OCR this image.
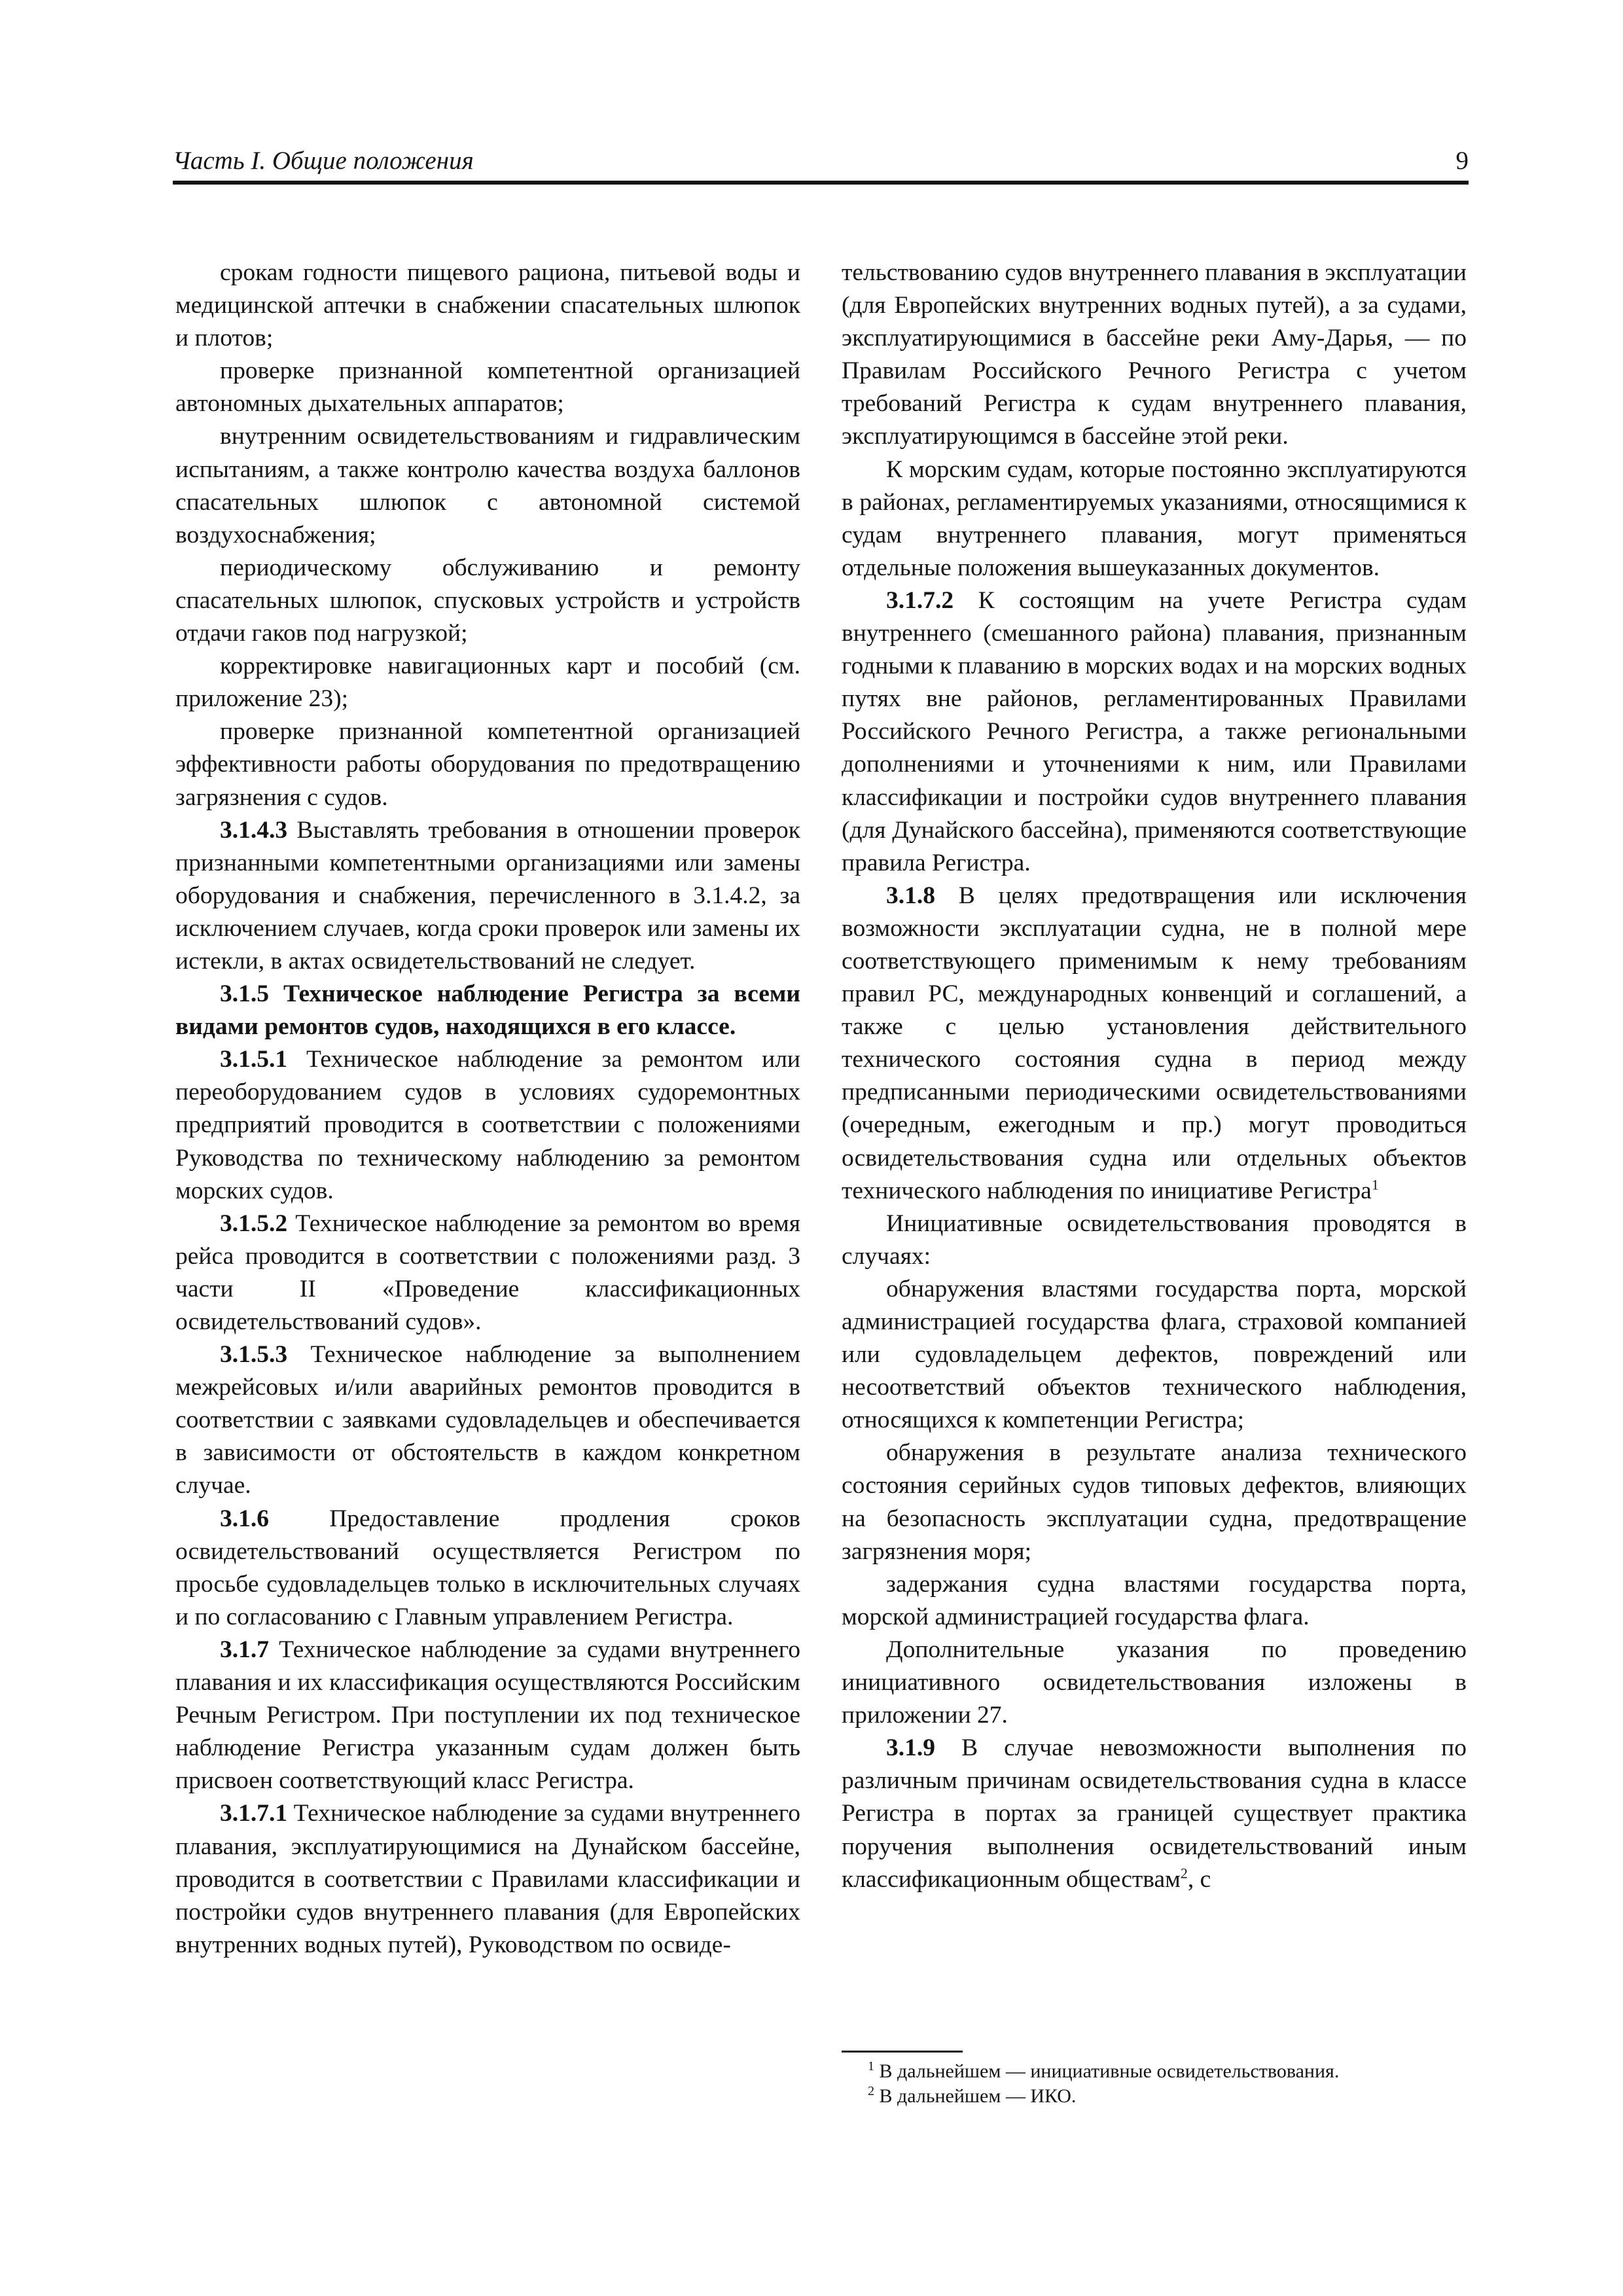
Часть I. Общие положения	9

срокам годности пищевого рациона, питьевой воды и медицинской аптечки в снабжении спасательных шлюпок и плотов;

проверке признанной компетентной организацией автономных дыхательных аппаратов;

внутренним освидетельствованиям и гидравлическим испытаниям, а также контролю качества воздуха баллонов спасательных шлюпок с автономной системой воздухоснабжения;

периодическому обслуживанию и ремонту спасательных шлюпок, спусковых устройств и устройств отдачи гаков под нагрузкой;

корректировке навигационных карт и пособий (см. приложение 23);

проверке признанной компетентной организацией эффективности работы оборудования по предотвращению загрязнения с судов.

3.1.4.3 Выставлять требования в отношении проверок признанными компетентными организациями или замены оборудования и снабжения, перечисленного в 3.1.4.2, за исключением случаев, когда сроки проверок или замены их истекли, в актах освидетельствований не следует.

3.1.5 Техническое наблюдение Регистра за всеми видами ремонтов судов, находящихся в его классе.

3.1.5.1 Техническое наблюдение за ремонтом или переоборудованием судов в условиях судоремонтных предприятий проводится в соответствии с положениями Руководства по техническому наблюдению за ремонтом морских судов.

3.1.5.2 Техническое наблюдение за ремонтом во время рейса проводится в соответствии с положениями разд. 3 части II «Проведение классификационных освидетельствований судов».

3.1.5.3 Техническое наблюдение за выполнением межрейсовых и/или аварийных ремонтов проводится в соответствии с заявками судовладельцев и обеспечивается в зависимости от обстоятельств в каждом конкретном случае.

3.1.6 Предоставление продления сроков освидетельствований осуществляется Регистром по просьбе судовладельцев только в исключительных случаях и по согласованию с Главным управлением Регистра.

3.1.7 Техническое наблюдение за судами внутреннего плавания и их классификация осуществляются Российским Речным Регистром. При поступлении их под техническое наблюдение Регистра указанным судам должен быть присвоен соответствующий класс Регистра.

3.1.7.1 Техническое наблюдение за судами внутреннего плавания, эксплуатирующимися на Дунайском бассейне, проводится в соответствии с Правилами классификации и постройки судов внутреннего плавания (для Европейских внутренних водных путей), Руководством по освиде-

тельствованию судов внутреннего плавания в эксплуатации (для Европейских внутренних водных путей), а за судами, эксплуатирующимися в бассейне реки Аму-Дарья, — по Правилам Российского Речного Регистра с учетом требований Регистра к судам внутреннего плавания, эксплуатирующимся в бассейне этой реки.

К морским судам, которые постоянно эксплуатируются в районах, регламентируемых указаниями, относящимися к судам внутреннего плавания, могут применяться отдельные положения вышеуказанных документов.

3.1.7.2 К состоящим на учете Регистра судам внутреннего (смешанного района) плавания, признанным годными к плаванию в морских водах и на морских водных путях вне районов, регламентированных Правилами Российского Речного Регистра, а также региональными дополнениями и уточнениями к ним, или Правилами классификации и постройки судов внутреннего плавания (для Дунайского бассейна), применяются соответствующие правила Регистра.

3.1.8 В целях предотвращения или исключения возможности эксплуатации судна, не в полной мере соответствующего применимым к нему требованиям правил РС, международных конвенций и соглашений, а также с целью установления действительного технического состояния судна в период между предписанными периодическими освидетельствованиями (очередным, ежегодным и пр.) могут проводиться освидетельствования судна или отдельных объектов технического наблюдения по инициативе Регистра$^1$

Инициативные освидетельствования проводятся в случаях:

обнаружения властями государства порта, морской администрацией государства флага, страховой компанией или судовладельцем дефектов, повреждений или несоответствий объектов технического наблюдения, относящихся к компетенции Регистра;

обнаружения в результате анализа технического состояния серийных судов типовых дефектов, влияющих на безопасность эксплуатации судна, предотвращение загрязнения моря;

задержания судна властями государства порта, морской администрацией государства флага.

Дополнительные указания по проведению инициативного освидетельствования изложены в приложении 27.

3.1.9 В случае невозможности выполнения по различным причинам освидетельствования судна в классе Регистра в портах за границей существует практика поручения выполнения освидетельствований иным классификационным обществам$^2$, с

$^1$ В дальнейшем — инициативные освидетельствования.

$^2$ В дальнейшем — ИКО.
